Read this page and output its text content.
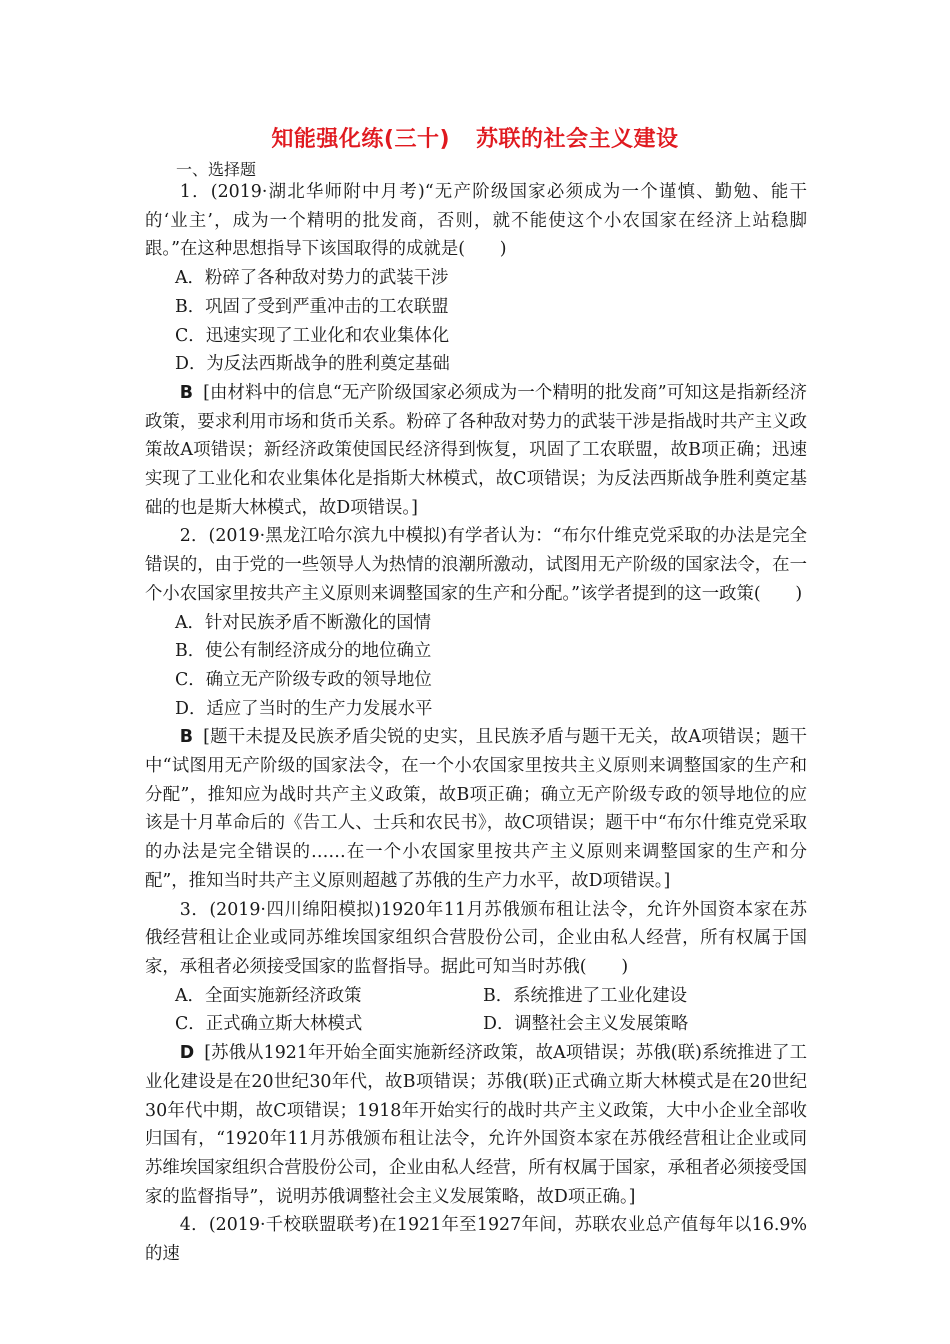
知能强化练(三十) 苏联的社会主义建设
一、选择题

1．(2019·湖北华师附中月考)“无产阶级国家必须成为一个谨慎、勤勉、能干的‘业主’，成为一个精明的批发商，否则，就不能使这个小农国家在经济上站稳脚跟。”在这种思想指导下该国取得的成就是(　　)

A．粉碎了各种敌对势力的武装干涉

B．巩固了受到严重冲击的工农联盟

C．迅速实现了工业化和农业集体化

D．为反法西斯战争的胜利奠定基础

B [由材料中的信息“无产阶级国家必须成为一个精明的批发商”可知这是指新经济政策，要求利用市场和货币关系。粉碎了各种敌对势力的武装干涉是指战时共产主义政策故A项错误；新经济政策使国民经济得到恢复，巩固了工农联盟，故B项正确；迅速实现了工业化和农业集体化是指斯大林模式，故C项错误；为反法西斯战争胜利奠定基础的也是斯大林模式，故D项错误。]

2．(2019·黑龙江哈尔滨九中模拟)有学者认为：“布尔什维克党采取的办法是完全错误的，由于党的一些领导人为热情的浪潮所激动，试图用无产阶级的国家法令，在一个小农国家里按共产主义原则来调整国家的生产和分配。”该学者提到的这一政策(　　)

A．针对民族矛盾不断激化的国情

B．使公有制经济成分的地位确立

C．确立无产阶级专政的领导地位

D．适应了当时的生产力发展水平

B [题干未提及民族矛盾尖锐的史实，且民族矛盾与题干无关，故A项错误；题干中“试图用无产阶级的国家法令，在一个小农国家里按共主义原则来调整国家的生产和分配”，推知应为战时共产主义政策，故B项正确；确立无产阶级专政的领导地位的应该是十月革命后的《告工人、士兵和农民书》，故C项错误；题干中“布尔什维克党采取的办法是完全错误的……在一个小农国家里按共产主义原则来调整国家的生产和分配”，推知当时共产主义原则超越了苏俄的生产力水平，故D项错误。]

3．(2019·四川绵阳模拟)1920年11月苏俄颁布租让法令，允许外国资本家在苏俄经营租让企业或同苏维埃国家组织合营股份公司，企业由私人经营，所有权属于国家，承租者必须接受国家的监督指导。据此可知当时苏俄(　　)

A．全面实施新经济政策	B．系统推进了工业化建设
C．正式确立斯大林模式	D．调整社会主义发展策略

D [苏俄从1921年开始全面实施新经济政策，故A项错误；苏俄(联)系统推进了工业化建设是在20世纪30年代，故B项错误；苏俄(联)正式确立斯大林模式是在20世纪30年代中期，故C项错误；1918年开始实行的战时共产主义政策，大中小企业全部收归国有，“1920年11月苏俄颁布租让法令，允许外国资本家在苏俄经营租让企业或同苏维埃国家组织合营股份公司，企业由私人经营，所有权属于国家，承租者必须接受国家的监督指导”，说明苏俄调整社会主义发展策略，故D项正确。]

4．(2019·千校联盟联考)在1921年至1927年间，苏联农业总产值每年以16.9%的速
